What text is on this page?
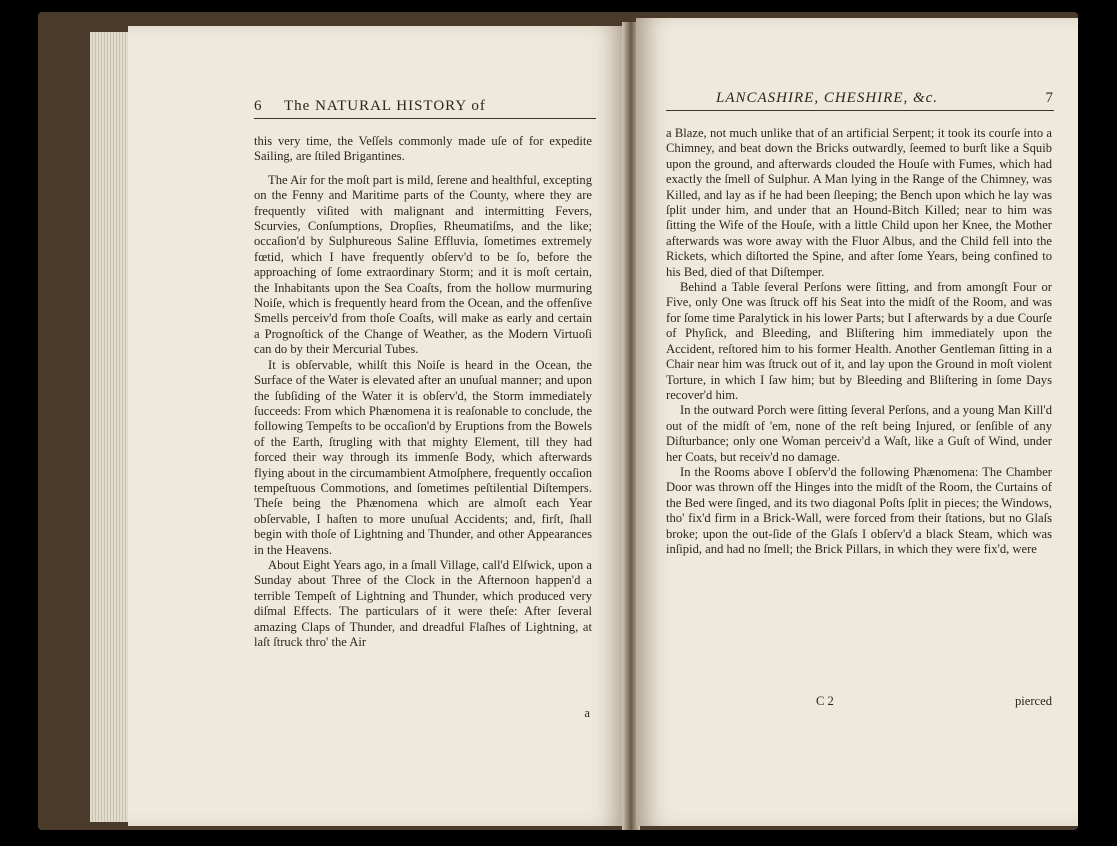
6 The NATURAL HISTORY of

this very time, the Veſſels commonly made uſe of for expedite Sailing, are ſtiled Brigantines.

The Air for the moſt part is mild, ſerene and healthful, excepting on the Fenny and Maritime parts of the County, where they are frequently viſited with malignant and intermitting Fevers, Scurvies, Conſumptions, Dropſies, Rheumatiſms, and the like; occaſion'd by Sulphureous Saline Effluvia, ſometimes extremely fœtid, which I have frequently obſerv'd to be ſo, before the approaching of ſome extraordinary Storm; and it is moſt certain, the Inhabitants upon the Sea Coaſts, from the hollow murmuring Noiſe, which is frequently heard from the Ocean, and the offenſive Smells perceiv'd from thoſe Coaſts, will make as early and certain a Prognoſtick of the Change of Weather, as the Modern Virtuoſi can do by their Mercurial Tubes.

It is obſervable, whilſt this Noiſe is heard in the Ocean, the Surface of the Water is elevated after an unuſual manner; and upon the ſubſiding of the Water it is obſerv'd, the Storm immediately ſucceeds: From which Phænomena it is reaſonable to conclude, the following Tempeſts to be occaſion'd by Eruptions from the Bowels of the Earth, ſtrugling with that mighty Element, till they had forced their way through its immenſe Body, which afterwards flying about in the circumambient Atmoſphere, frequently occaſion tempeſtuous Commotions, and ſometimes peſtilential Diſtempers. Theſe being the Phænomena which are almoſt each Year obſervable, I haſten to more unuſual Accidents; and, firſt, ſhall begin with thoſe of Lightning and Thunder, and other Appearances in the Heavens.

About Eight Years ago, in a ſmall Village, call'd Elſwick, upon a Sunday about Three of the Clock in the Afternoon happen'd a terrible Tempeſt of Lightning and Thunder, which produced very diſmal Effects. The particulars of it were theſe: After ſeveral amazing Claps of Thunder, and dreadful Flaſhes of Lightning, at laſt ſtruck thro' the Air

a
LANCASHIRE, CHESHIRE, &c.	7

a Blaze, not much unlike that of an artificial Serpent; it took its courſe into a Chimney, and beat down the Bricks outwardly, ſeemed to burſt like a Squib upon the ground, and afterwards clouded the Houſe with Fumes, which had exactly the ſmell of Sulphur. A Man lying in the Range of the Chimney, was Killed, and lay as if he had been ſleeping; the Bench upon which he lay was ſplit under him, and under that an Hound-Bitch Killed; near to him was ſitting the Wife of the Houſe, with a little Child upon her Knee, the Mother afterwards was wore away with the Fluor Albus, and the Child fell into the Rickets, which diſtorted the Spine, and after ſome Years, being confined to his Bed, died of that Diſtemper.

Behind a Table ſeveral Perſons were ſitting, and from amongſt Four or Five, only One was ſtruck off his Seat into the midſt of the Room, and was for ſome time Paralytick in his lower Parts; but I afterwards by a due Courſe of Phyſick, and Bleeding, and Bliſtering him immediately upon the Accident, reſtored him to his former Health. Another Gentleman ſitting in a Chair near him was ſtruck out of it, and lay upon the Ground in moſt violent Torture, in which I ſaw him; but by Bleeding and Bliſtering in ſome Days recover'd him.

In the outward Porch were ſitting ſeveral Perſons, and a young Man Kill'd out of the midſt of 'em, none of the reſt being Injured, or ſenſible of any Diſturbance; only one Woman perceiv'd a Waſt, like a Guſt of Wind, under her Coats, but receiv'd no damage.

In the Rooms above I obſerv'd the following Phænomena: The Chamber Door was thrown off the Hinges into the midſt of the Room, the Curtains of the Bed were ſinged, and its two diagonal Poſts ſplit in pieces; the Windows, tho' fix'd firm in a Brick-Wall, were forced from their ſtations, but no Glaſs broke; upon the out-ſide of the Glaſs I obſerv'd a black Steam, which was inſipid, and had no ſmell; the Brick Pillars, in which they were fix'd, were

C 2	pierced
